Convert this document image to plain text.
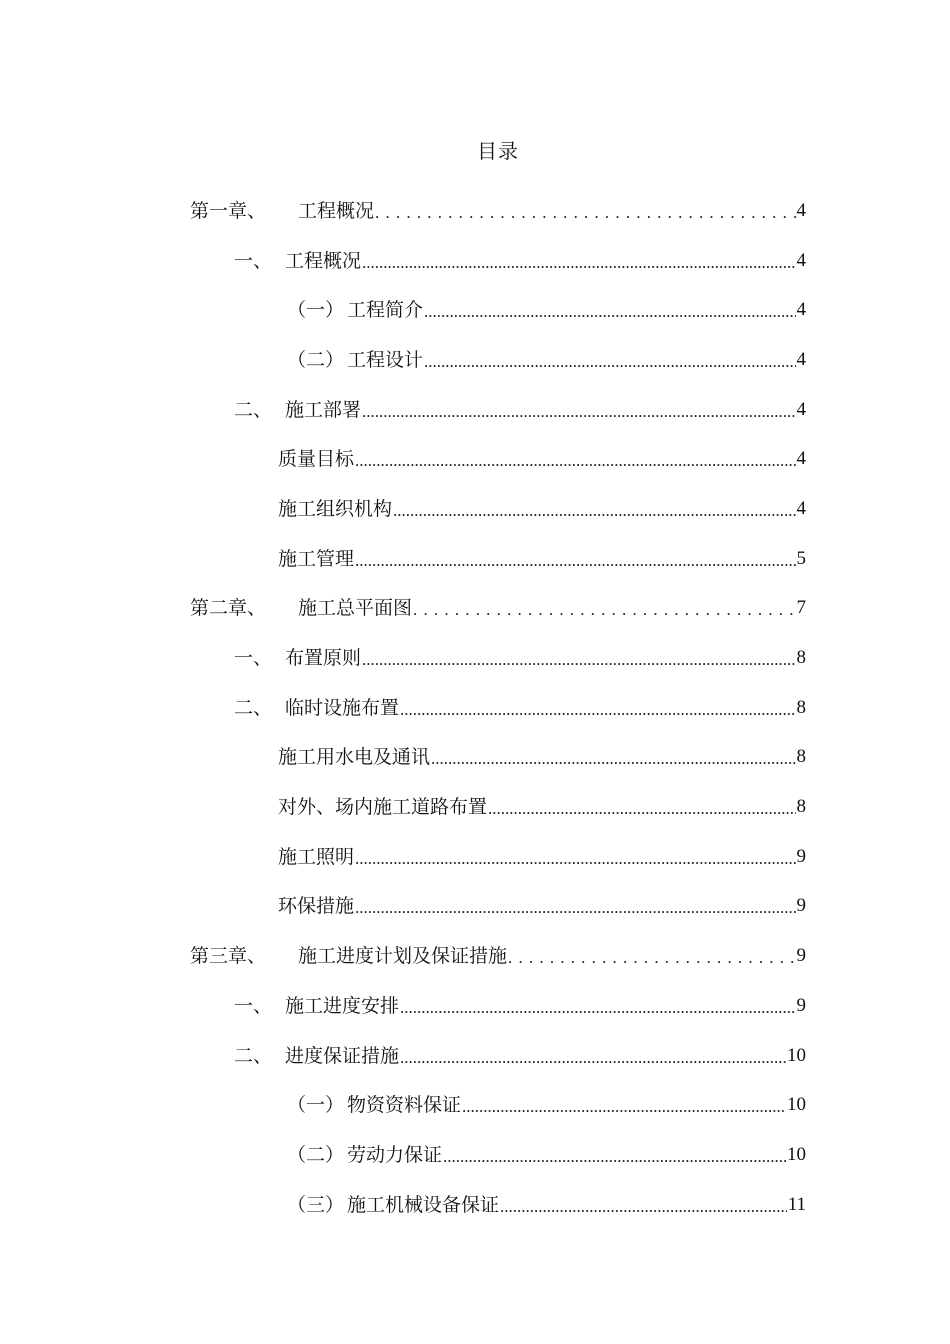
目录
第一章、	工程概况 .....	4
一、 工程概况 .....	4
（一） 工程简介 .....	4
（二） 工程设计 .....	4
二、 施工部署 .....	4
质量目标 .....	4
施工组织机构 .....	4
施工管理 .....	5
第二章、	施工总平面图 .....	7
一、 布置原则 .....	8
二、 临时设施布置 .....	8
施工用水电及通讯 .....	8
对外、场内施工道路布置 .....	8
施工照明 .....	9
环保措施 .....	9
第三章、	施工进度计划及保证措施 .....	9
一、 施工进度安排 .....	9
二、 进度保证措施 .....	10
（一） 物资资料保证 .....	10
（二） 劳动力保证 .....	10
（三） 施工机械设备保证 .....	11
